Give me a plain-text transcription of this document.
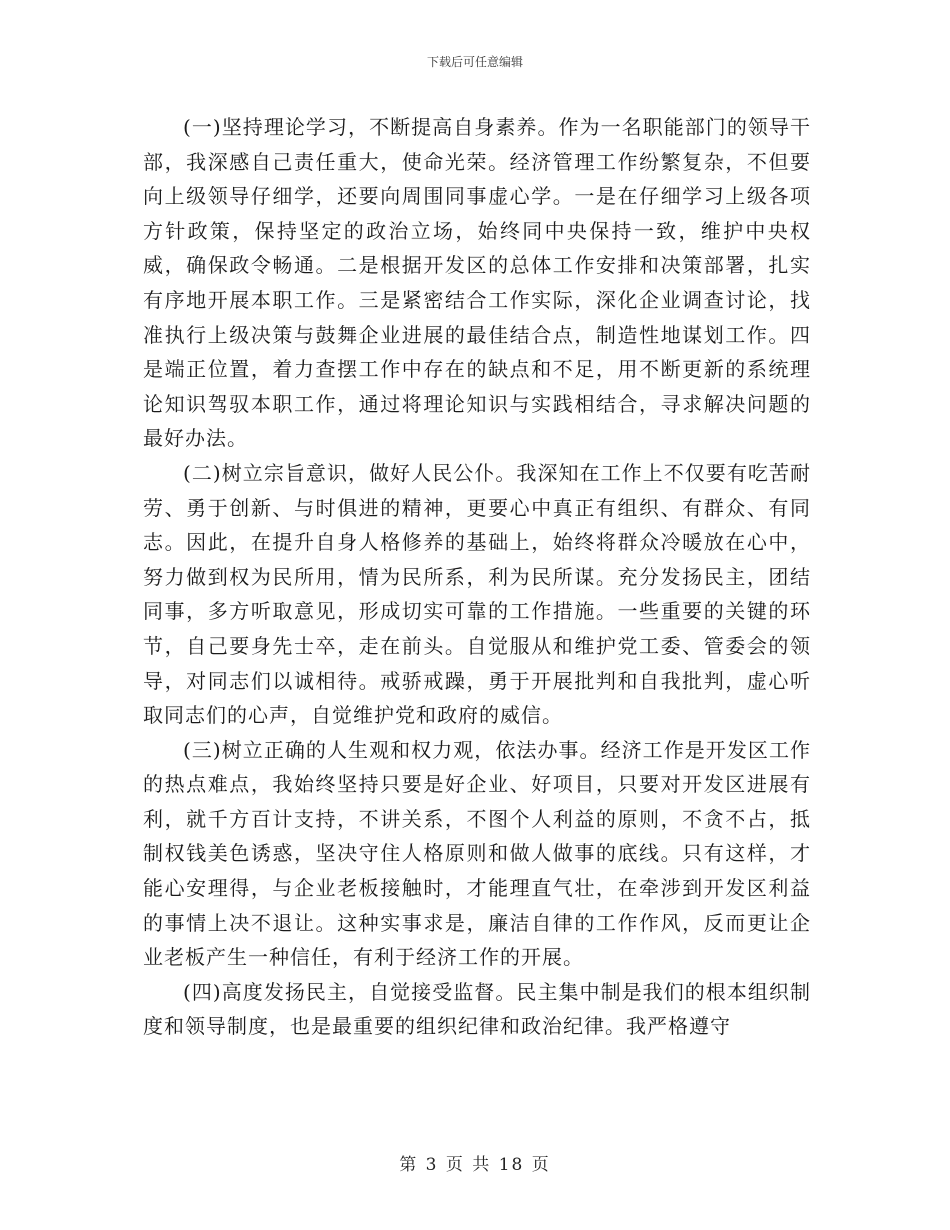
下载后可任意编辑

(一)坚持理论学习，不断提高自身素养。作为一名职能部门的领导干部，我深感自己责任重大，使命光荣。经济管理工作纷繁复杂，不但要向上级领导仔细学，还要向周围同事虚心学。一是在仔细学习上级各项方针政策，保持坚定的政治立场，始终同中央保持一致，维护中央权威，确保政令畅通。二是根据开发区的总体工作安排和决策部署，扎实有序地开展本职工作。三是紧密结合工作实际，深化企业调查讨论，找准执行上级决策与鼓舞企业进展的最佳结合点，制造性地谋划工作。四是端正位置，着力查摆工作中存在的缺点和不足，用不断更新的系统理论知识驾驭本职工作，通过将理论知识与实践相结合，寻求解决问题的最好办法。

(二)树立宗旨意识，做好人民公仆。我深知在工作上不仅要有吃苦耐劳、勇于创新、与时俱进的精神，更要心中真正有组织、有群众、有同志。因此，在提升自身人格修养的基础上，始终将群众冷暖放在心中，努力做到权为民所用，情为民所系，利为民所谋。充分发扬民主，团结同事，多方听取意见，形成切实可靠的工作措施。一些重要的关键的环节，自己要身先士卒，走在前头。自觉服从和维护党工委、管委会的领导，对同志们以诚相待。戒骄戒躁，勇于开展批判和自我批判，虚心听取同志们的心声，自觉维护党和政府的威信。

(三)树立正确的人生观和权力观，依法办事。经济工作是开发区工作的热点难点，我始终坚持只要是好企业、好项目，只要对开发区进展有利，就千方百计支持，不讲关系，不图个人利益的原则，不贪不占，抵制权钱美色诱惑，坚决守住人格原则和做人做事的底线。只有这样，才能心安理得，与企业老板接触时，才能理直气壮，在牵涉到开发区利益的事情上决不退让。这种实事求是，廉洁自律的工作作风，反而更让企业老板产生一种信任，有利于经济工作的开展。

(四)高度发扬民主，自觉接受监督。民主集中制是我们的根本组织制度和领导制度，也是最重要的组织纪律和政治纪律。我严格遵守

第 3 页 共 18 页
